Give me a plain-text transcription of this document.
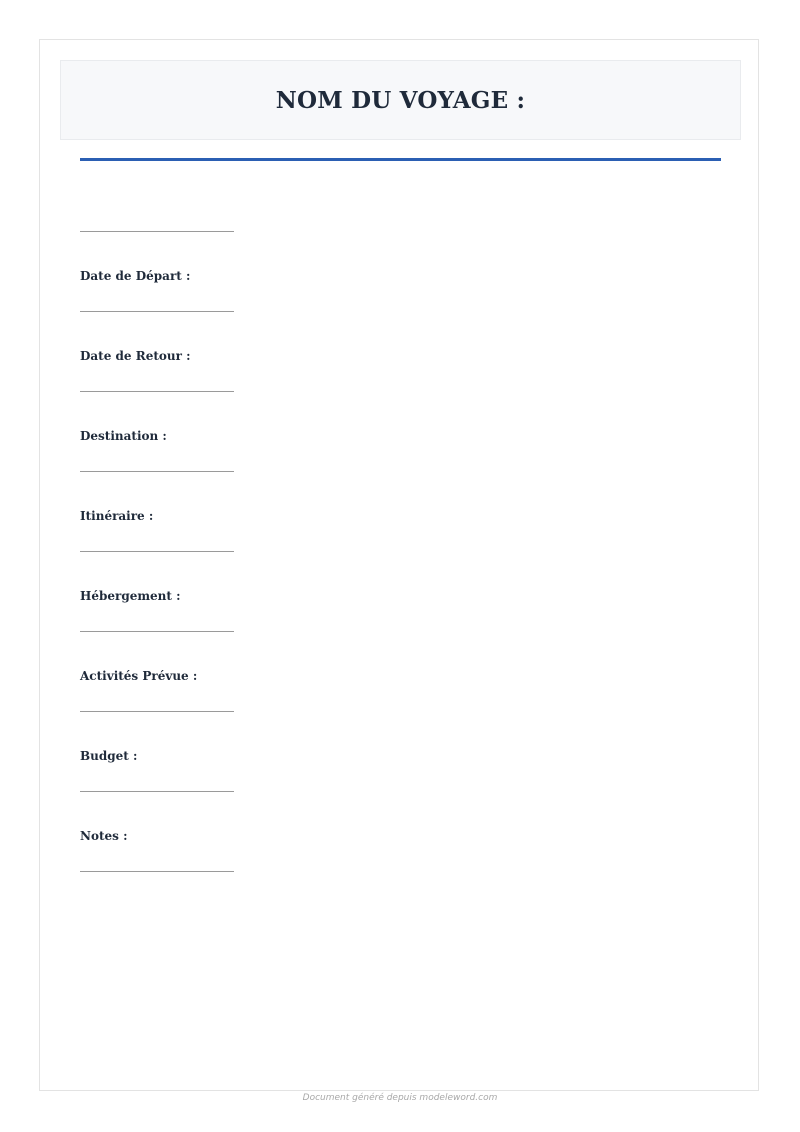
NOM DU VOYAGE :
Date de Départ :
Date de Retour :
Destination :
Itinéraire :
Hébergement :
Activités Prévue :
Budget :
Notes :
Document généré depuis modeleword.com
